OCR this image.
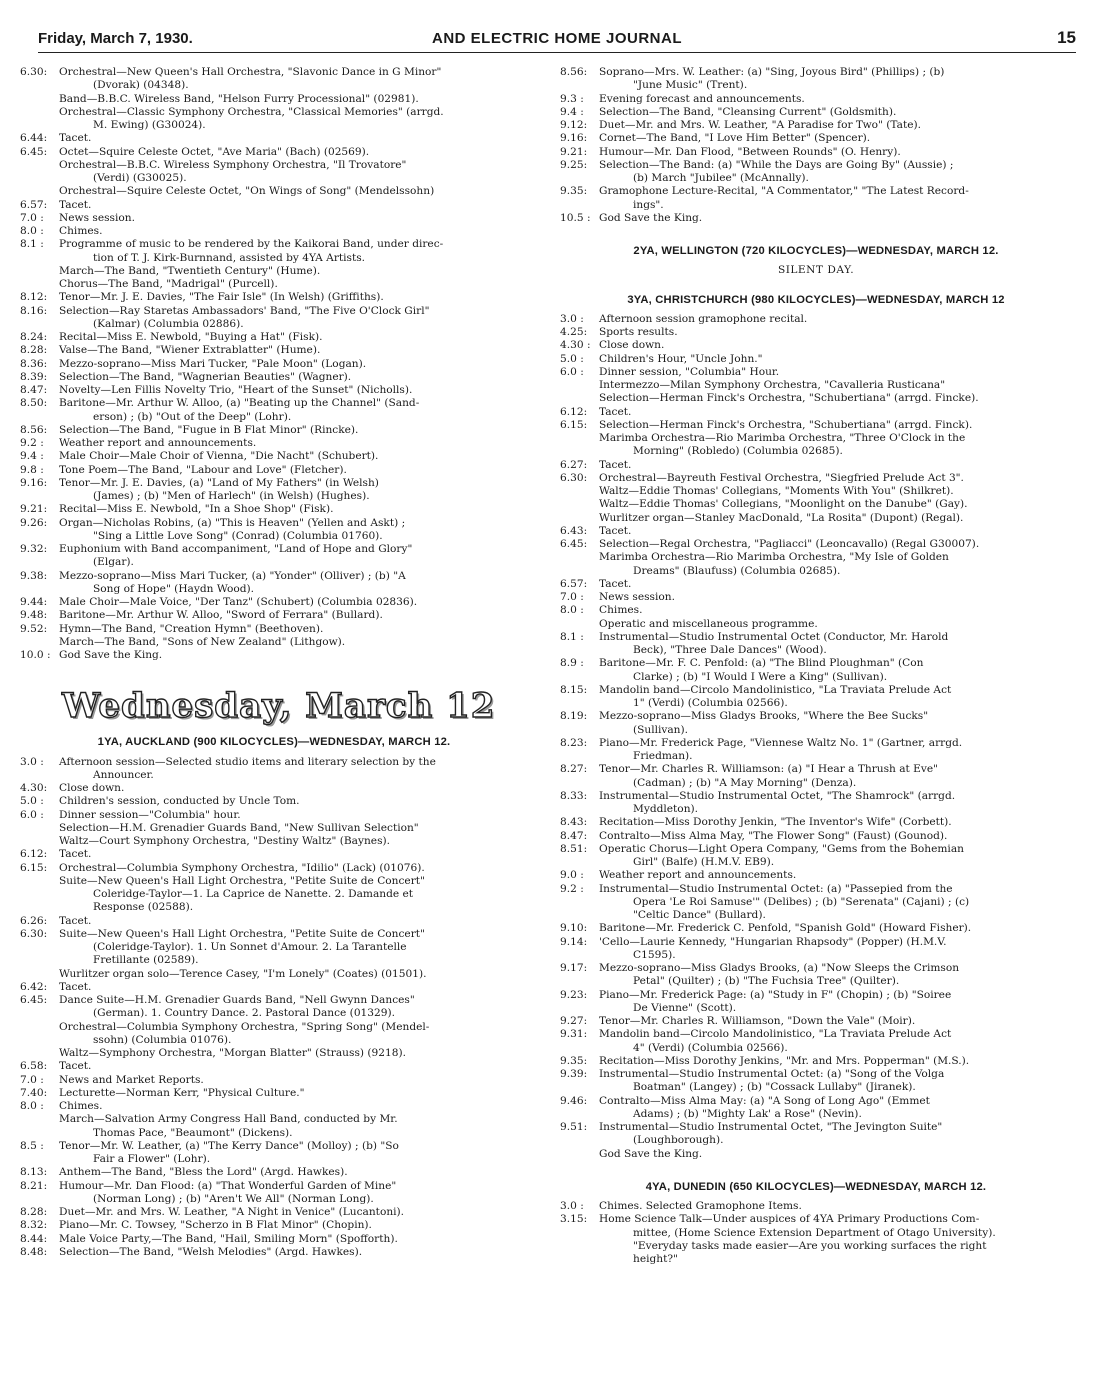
Friday, March 7, 1930.	AND ELECTRIC HOME JOURNAL	15
6.30:	Orchestral—New Queen's Hall Orchestra, "Slavonic Dance in G Minor"
(Dvorak) (04348).
Band—B.B.C. Wireless Band, "Helson Furry Processional" (02981).
Orchestral—Classic Symphony Orchestra, "Classical Memories" (arrgd.
M. Ewing) (G30024).
6.44:	Tacet.
6.45:	Octet—Squire Celeste Octet, "Ave Maria" (Bach) (02569).
Orchestral—B.B.C. Wireless Symphony Orchestra, "Il Trovatore"
(Verdi) (G30025).
Orchestral—Squire Celeste Octet, "On Wings of Song" (Mendelssohn)
6.57:	Tacet.
7.0 :	News session.
8.0 :	Chimes.
8.1 :	Programme of music to be rendered by the Kaikorai Band, under direc-
tion of T. J. Kirk-Burnnand, assisted by 4YA Artists.
March—The Band, "Twentieth Century" (Hume).
Chorus—The Band, "Madrigal" (Purcell).
8.12:	Tenor—Mr. J. E. Davies, "The Fair Isle" (In Welsh) (Griffiths).
8.16:	Selection—Ray Staretas Ambassadors' Band, "The Five O'Clock Girl"
(Kalmar) (Columbia 02886).
8.24:	Recital—Miss E. Newbold, "Buying a Hat" (Fisk).
8.28:	Valse—The Band, "Wiener Extrablatter" (Hume).
8.36:	Mezzo-soprano—Miss Mari Tucker, "Pale Moon" (Logan).
8.39:	Selection—The Band, "Wagnerian Beauties" (Wagner).
8.47:	Novelty—Len Fillis Novelty Trio, "Heart of the Sunset" (Nicholls).
8.50:	Baritone—Mr. Arthur W. Alloo, (a) "Beating up the Channel" (Sand-
erson) ; (b) "Out of the Deep" (Lohr).
8.56:	Selection—The Band, "Fugue in B Flat Minor" (Rincke).
9.2 :	Weather report and announcements.
9.4 :	Male Choir—Male Choir of Vienna, "Die Nacht" (Schubert).
9.8 :	Tone Poem—The Band, "Labour and Love" (Fletcher).
9.16:	Tenor—Mr. J. E. Davies, (a) "Land of My Fathers" (in Welsh)
(James) ; (b) "Men of Harlech" (in Welsh) (Hughes).
9.21:	Recital—Miss E. Newbold, "In a Shoe Shop" (Fisk).
9.26:	Organ—Nicholas Robins, (a) "This is Heaven" (Yellen and Askt) ;
"Sing a Little Love Song" (Conrad) (Columbia 01760).
9.32:	Euphonium with Band accompaniment, "Land of Hope and Glory"
(Elgar).
9.38:	Mezzo-soprano—Miss Mari Tucker, (a) "Yonder" (Olliver) ; (b) "A
Song of Hope" (Haydn Wood).
9.44:	Male Choir—Male Voice, "Der Tanz" (Schubert) (Columbia 02836).
9.48:	Baritone—Mr. Arthur W. Alloo, "Sword of Ferrara" (Bullard).
9.52:	Hymn—The Band, "Creation Hymn" (Beethoven).
March—The Band, "Sons of New Zealand" (Lithgow).
10.0 : God Save the King.
Wednesday, March 12
1YA, AUCKLAND (900 KILOCYCLES)—WEDNESDAY, MARCH 12.
3.0 :	Afternoon session—Selected studio items and literary selection by the
Announcer.
4.30:	Close down.
5.0 :	Children's session, conducted by Uncle Tom.
6.0 :	Dinner session—"Columbia" hour.
Selection—H.M. Grenadier Guards Band, "New Sullivan Selection"
Waltz—Court Symphony Orchestra, "Destiny Waltz" (Baynes).
6.12:	Tacet.
6.15:	Orchestral—Columbia Symphony Orchestra, "Idilio" (Lack) (01076).
Suite—New Queen's Hall Light Orchestra, "Petite Suite de Concert"
Coleridge-Taylor—1. La Caprice de Nanette. 2. Damande et
Response (02588).
6.26:	Tacet.
6.30:	Suite—New Queen's Hall Light Orchestra, "Petite Suite de Concert"
(Coleridge-Taylor). 1. Un Sonnet d'Amour. 2. La Tarantelle
Fretillante (02589).
Wurlitzer organ solo—Terence Casey, "I'm Lonely" (Coates) (01501).
6.42:	Tacet.
6.45:	Dance Suite—H.M. Grenadier Guards Band, "Nell Gwynn Dances"
(German). 1. Country Dance. 2. Pastoral Dance (01329).
Orchestral—Columbia Symphony Orchestra, "Spring Song" (Mendel-
ssohn) (Columbia 01076).
Waltz—Symphony Orchestra, "Morgan Blatter" (Strauss) (9218).
6.58:	Tacet.
7.0 :	News and Market Reports.
7.40:	Lecturette—Norman Kerr, "Physical Culture."
8.0 :	Chimes.
March—Salvation Army Congress Hall Band, conducted by Mr.
Thomas Pace, "Beaumont" (Dickens).
8.5 :	Tenor—Mr. W. Leather, (a) "The Kerry Dance" (Molloy) ; (b) "So
Fair a Flower" (Lohr).
8.13:	Anthem—The Band, "Bless the Lord" (Argd. Hawkes).
8.21:	Humour—Mr. Dan Flood: (a) "That Wonderful Garden of Mine"
(Norman Long) ; (b) "Aren't We All" (Norman Long).
8.28:	Duet—Mr. and Mrs. W. Leather, "A Night in Venice" (Lucantoni).
8.32:	Piano—Mr. C. Towsey, "Scherzo in B Flat Minor" (Chopin).
8.44:	Male Voice Party,—The Band, "Hail, Smiling Morn" (Spofforth).
8.48:	Selection—The Band, "Welsh Melodies" (Argd. Hawkes).
8.56:	Soprano—Mrs. W. Leather: (a) "Sing, Joyous Bird" (Phillips) ; (b)
"June Music" (Trent).
9.3 :	Evening forecast and announcements.
9.4 :	Selection—The Band, "Cleansing Current" (Goldsmith).
9.12:	Duet—Mr. and Mrs. W. Leather, "A Paradise for Two" (Tate).
9.16:	Cornet—The Band, "I Love Him Better" (Spencer).
9.21:	Humour—Mr. Dan Flood, "Between Rounds" (O. Henry).
9.25:	Selection—The Band: (a) "While the Days are Going By" (Aussie) ;
(b) March "Jubilee" (McAnnally).
9.35:	Gramophone Lecture-Recital, "A Commentator," "The Latest Record-
ings".
10.5 : God Save the King.
2YA, WELLINGTON (720 KILOCYCLES)—WEDNESDAY, MARCH 12.
SILENT DAY.
3YA, CHRISTCHURCH (980 KILOCYCLES)—WEDNESDAY, MARCH 12
3.0 :	Afternoon session gramophone recital.
4.25:	Sports results.
4.30 : Close down.
5.0 :	Children's Hour, "Uncle John."
6.0 :	Dinner session, "Columbia" Hour.
Intermezzo—Milan Symphony Orchestra, "Cavalleria Rusticana"
Selection—Herman Finck's Orchestra, "Schubertiana" (arrgd. Fincke).
6.12:	Tacet.
6.15:	Selection—Herman Finck's Orchestra, "Schubertiana" (arrgd. Finck).
Marimba Orchestra—Rio Marimba Orchestra, "Three O'Clock in the
Morning" (Robledo) (Columbia 02685).
6.27:	Tacet.
6.30:	Orchestral—Bayreuth Festival Orchestra, "Siegfried Prelude Act 3".
Waltz—Eddie Thomas' Collegians, "Moments With You" (Shilkret).
Waltz—Eddie Thomas' Collegians, "Moonlight on the Danube" (Gay).
Wurlitzer organ—Stanley MacDonald, "La Rosita" (Dupont) (Regal).
6.43:	Tacet.
6.45:	Selection—Regal Orchestra, "Pagliacci" (Leoncavallo) (Regal G30007).
Marimba Orchestra—Rio Marimba Orchestra, "My Isle of Golden
Dreams" (Blaufuss) (Columbia 02685).
6.57:	Tacet.
7.0 :	News session.
8.0 :	Chimes.
Operatic and miscellaneous programme.
8.1 :	Instrumental—Studio Instrumental Octet (Conductor, Mr. Harold
Beck), "Three Dale Dances" (Wood).
8.9 :	Baritone—Mr. F. C. Penfold: (a) "The Blind Ploughman" (Con
Clarke) ; (b) "I Would I Were a King" (Sullivan).
8.15:	Mandolin band—Circolo Mandolinistico, "La Traviata Prelude Act
1" (Verdi) (Columbia 02566).
8.19:	Mezzo-soprano—Miss Gladys Brooks, "Where the Bee Sucks"
(Sullivan).
8.23:	Piano—Mr. Frederick Page, "Viennese Waltz No. 1" (Gartner, arrgd.
Friedman).
8.27:	Tenor—Mr. Charles R. Williamson: (a) "I Hear a Thrush at Eve"
(Cadman) ; (b) "A May Morning" (Denza).
8.33:	Instrumental—Studio Instrumental Octet, "The Shamrock" (arrgd.
Myddleton).
8.43:	Recitation—Miss Dorothy Jenkin, "The Inventor's Wife" (Corbett).
8.47:	Contralto—Miss Alma May, "The Flower Song" (Faust) (Gounod).
8.51:	Operatic Chorus—Light Opera Company, "Gems from the Bohemian
Girl" (Balfe) (H.M.V. EB9).
9.0 :	Weather report and announcements.
9.2 :	Instrumental—Studio Instrumental Octet: (a) "Passepied from the
Opera 'Le Roi Samuse'" (Delibes) ; (b) "Serenata" (Cajani) ; (c)
"Celtic Dance" (Bullard).
9.10:	Baritone—Mr. Frederick C. Penfold, "Spanish Gold" (Howard Fisher).
9.14:	'Cello—Laurie Kennedy, "Hungarian Rhapsody" (Popper) (H.M.V.
C1595).
9.17:	Mezzo-soprano—Miss Gladys Brooks, (a) "Now Sleeps the Crimson
Petal" (Quilter) ; (b) "The Fuchsia Tree" (Quilter).
9.23:	Piano—Mr. Frederick Page: (a) "Study in F" (Chopin) ; (b) "Soiree
De Vienne" (Scott).
9.27:	Tenor—Mr. Charles R. Williamson, "Down the Vale" (Moir).
9.31:	Mandolin band—Circolo Mandolinistico, "La Traviata Prelude Act
4" (Verdi) (Columbia 02566).
9.35:	Recitation—Miss Dorothy Jenkins, "Mr. and Mrs. Popperman" (M.S.).
9.39:	Instrumental—Studio Instrumental Octet: (a) "Song of the Volga
Boatman" (Langey) ; (b) "Cossack Lullaby" (Jiranek).
9.46:	Contralto—Miss Alma May: (a) "A Song of Long Ago" (Emmet
Adams) ; (b) "Mighty Lak' a Rose" (Nevin).
9.51:	Instrumental—Studio Instrumental Octet, "The Jevington Suite"
(Loughborough).
God Save the King.
4YA, DUNEDIN (650 KILOCYCLES)—WEDNESDAY, MARCH 12.
3.0 :	Chimes. Selected Gramophone Items.
3.15:	Home Science Talk—Under auspices of 4YA Primary Productions Com-
mittee, (Home Science Extension Department of Otago University).
"Everyday tasks made easier—Are you working surfaces the right
height?"
